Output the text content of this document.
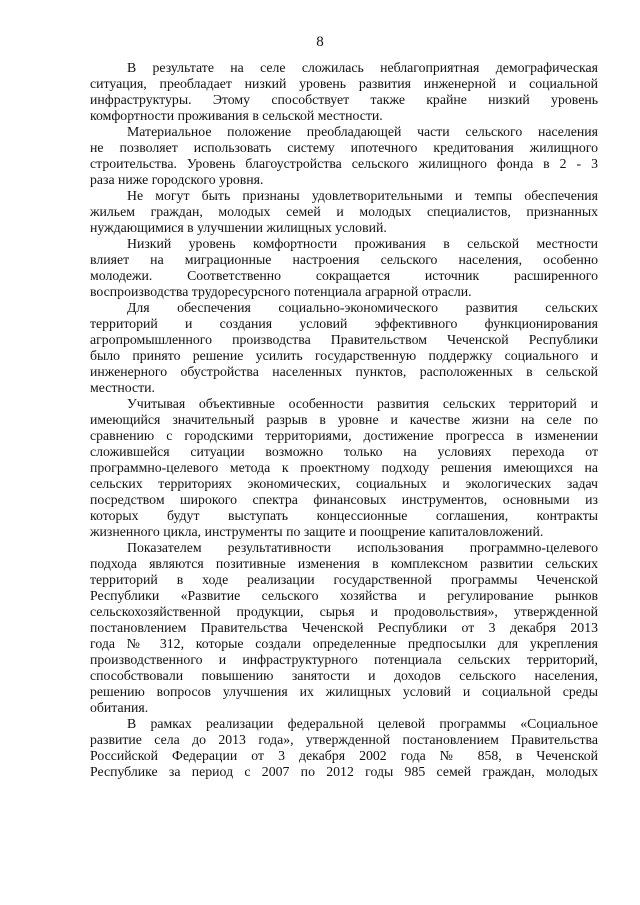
8
В результате на селе сложилась неблагоприятная демографическая
ситуация, преобладает низкий уровень развития инженерной и социальной
инфраструктуры. Этому способствует также крайне низкий уровень
комфортности проживания в сельской местности.
Материальное положение преобладающей части сельского населения
не позволяет использовать систему ипотечного кредитования жилищного
строительства. Уровень благоустройства сельского жилищного фонда в 2 - 3
раза ниже городского уровня.
Не могут быть признаны удовлетворительными и темпы обеспечения
жильем граждан, молодых семей и молодых специалистов, признанных
нуждающимися в улучшении жилищных условий.
Низкий уровень комфортности проживания в сельской местности
влияет на миграционные настроения сельского населения, особенно
молодежи. Соответственно сокращается источник расширенного
воспроизводства трудоресурсного потенциала аграрной отрасли.
Для обеспечения социально-экономического развития сельских
территорий и создания условий эффективного функционирования
агропромышленного производства Правительством Чеченской Республики
было принято решение усилить государственную поддержку социального и
инженерного обустройства населенных пунктов, расположенных в сельской
местности.
Учитывая объективные особенности развития сельских территорий и
имеющийся значительный разрыв в уровне и качестве жизни на селе по
сравнению с городскими территориями, достижение прогресса в изменении
сложившейся ситуации возможно только на условиях перехода от
программно-целевого метода к проектному подходу решения имеющихся на
сельских территориях экономических, социальных и экологических задач
посредством широкого спектра финансовых инструментов, основными из
которых будут выступать концессионные соглашения, контракты
жизненного цикла, инструменты по защите и поощрение капиталовложений.
Показателем результативности использования программно-целевого
подхода являются позитивные изменения в комплексном развитии сельских
территорий в ходе реализации государственной программы Чеченской
Республики «Развитие сельского хозяйства и регулирование рынков
сельскохозяйственной продукции, сырья и продовольствия», утвержденной
постановлением Правительства Чеченской Республики от 3 декабря 2013
года № 312, которые создали определенные предпосылки для укрепления
производственного и инфраструктурного потенциала сельских территорий,
способствовали повышению занятости и доходов сельского населения,
решению вопросов улучшения их жилищных условий и социальной среды
обитания.
В рамках реализации федеральной целевой программы «Социальное
развитие села до 2013 года», утвержденной постановлением Правительства
Российской Федерации от 3 декабря 2002 года № 858, в Чеченской
Республике за период с 2007 по 2012 годы 985 семей граждан, молодых
